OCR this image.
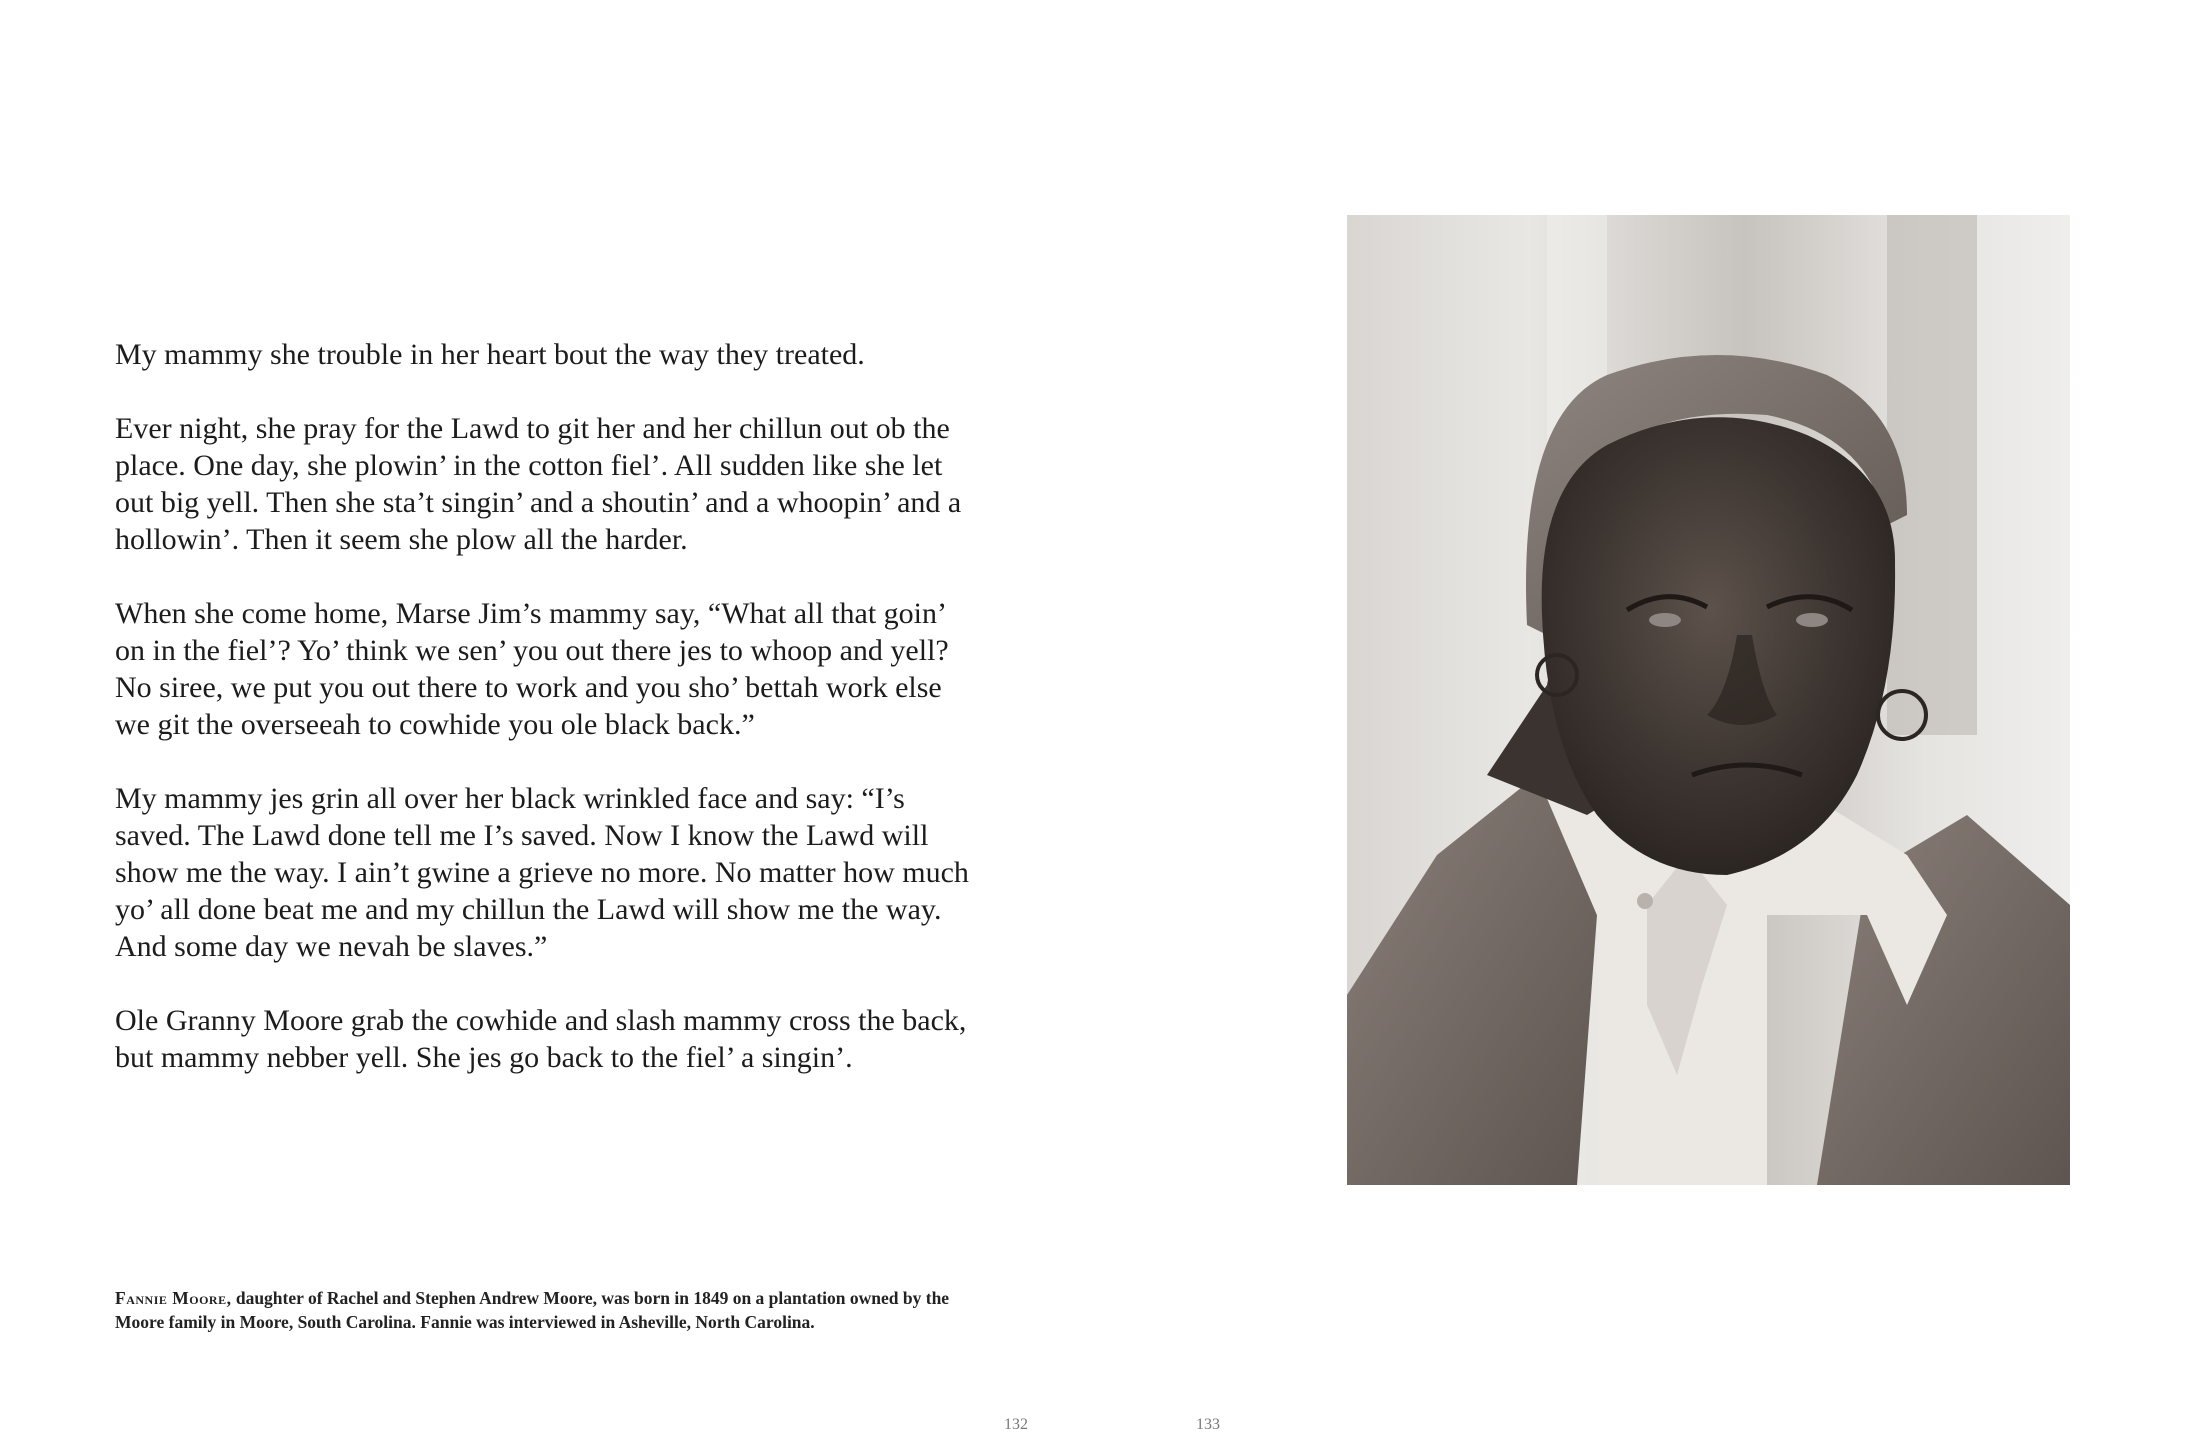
My mammy she trouble in her heart bout the way they treated.

Ever night, she pray for the Lawd to git her and her chillun out ob the place. One day, she plowin’ in the cotton fiel’. All sudden like she let out big yell. Then she sta’t singin’ and a shoutin’ and a whoopin’ and a hollowin’. Then it seem she plow all the harder.

When she come home, Marse Jim’s mammy say, “What all that goin’ on in the fiel’? Yo’ think we sen’ you out there jes to whoop and yell? No siree, we put you out there to work and you sho’ bettah work else we git the overseeah to cowhide you ole black back.”

My mammy jes grin all over her black wrinkled face and say: “I’s saved. The Lawd done tell me I’s saved. Now I know the Lawd will show me the way. I ain’t gwine a grieve no more. No matter how much yo’ all done beat me and my chillun the Lawd will show me the way. And some day we nevah be slaves.”

Ole Granny Moore grab the cowhide and slash mammy cross the back, but mammy nebber yell. She jes go back to the fiel’ a singin’.

Fannie Moore, daughter of Rachel and Stephen Andrew Moore, was born in 1849 on a plantation owned by the Moore family in Moore, South Carolina. Fannie was interviewed in Asheville, North Carolina.
132	133
